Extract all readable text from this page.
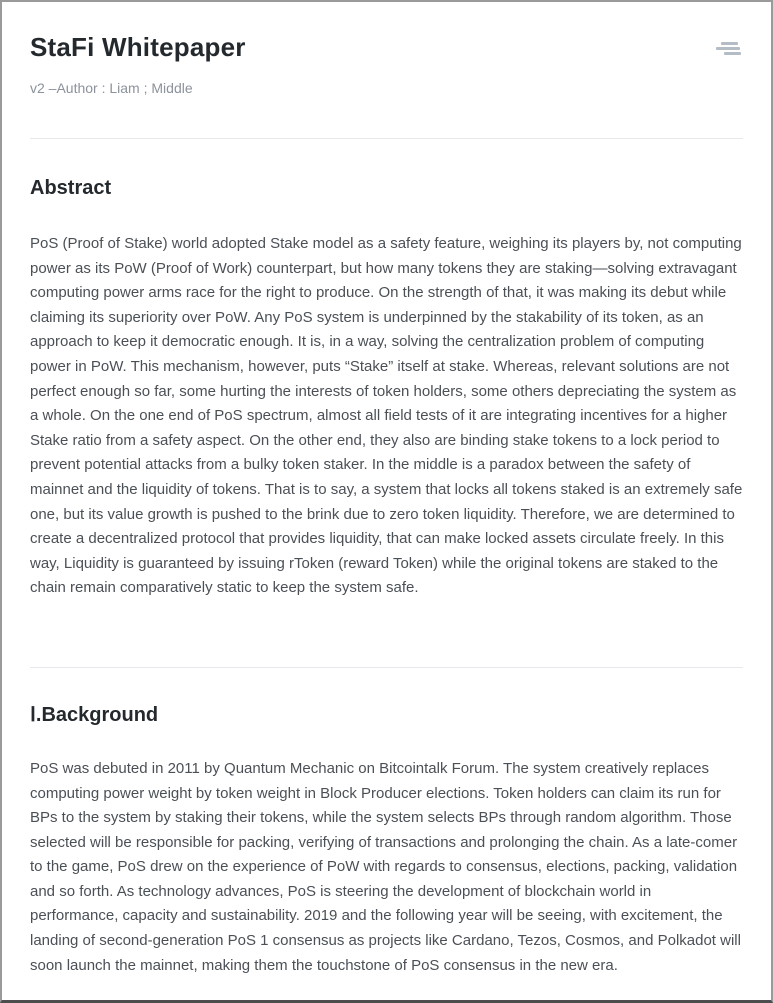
StaFi Whitepaper
v2 –Author : Liam ; Middle
Abstract

PoS (Proof of Stake) world adopted Stake model as a safety feature, weighing its players by, not computing power as its PoW (Proof of Work) counterpart, but how many tokens they are staking—solving extravagant computing power arms race for the right to produce. On the strength of that, it was making its debut while claiming its superiority over PoW. Any PoS system is underpinned by the stakability of its token, as an approach to keep it democratic enough. It is, in a way, solving the centralization problem of computing power in PoW. This mechanism, however, puts “Stake” itself at stake. Whereas, relevant solutions are not perfect enough so far, some hurting the interests of token holders, some others depreciating the system as a whole. On the one end of PoS spectrum, almost all field tests of it are integrating incentives for a higher Stake ratio from a safety aspect. On the other end, they also are binding stake tokens to a lock period to prevent potential attacks from a bulky token staker. In the middle is a paradox between the safety of mainnet and the liquidity of tokens. That is to say, a system that locks all tokens staked is an extremely safe one, but its value growth is pushed to the brink due to zero token liquidity. Therefore, we are determined to create a decentralized protocol that provides liquidity, that can make locked assets circulate freely. In this way, Liquidity is guaranteed by issuing rToken (reward Token) while the original tokens are staked to the chain remain comparatively static to keep the system safe.

Ⅰ.Background

PoS was debuted in 2011 by Quantum Mechanic on Bitcointalk Forum. The system creatively replaces computing power weight by token weight in Block Producer elections. Token holders can claim its run for BPs to the system by staking their tokens, while the system selects BPs through random algorithm. Those selected will be responsible for packing, verifying of transactions and prolonging the chain. As a late-comer to the game, PoS drew on the experience of PoW with regards to consensus, elections, packing, validation and so forth. As technology advances, PoS is steering the development of blockchain world in performance, capacity and sustainability. 2019 and the following year will be seeing, with excitement, the landing of second-generation PoS 1 consensus as projects like Cardano, Tezos, Cosmos, and Polkadot will soon launch the mainnet, making them the touchstone of PoS consensus in the new era.
